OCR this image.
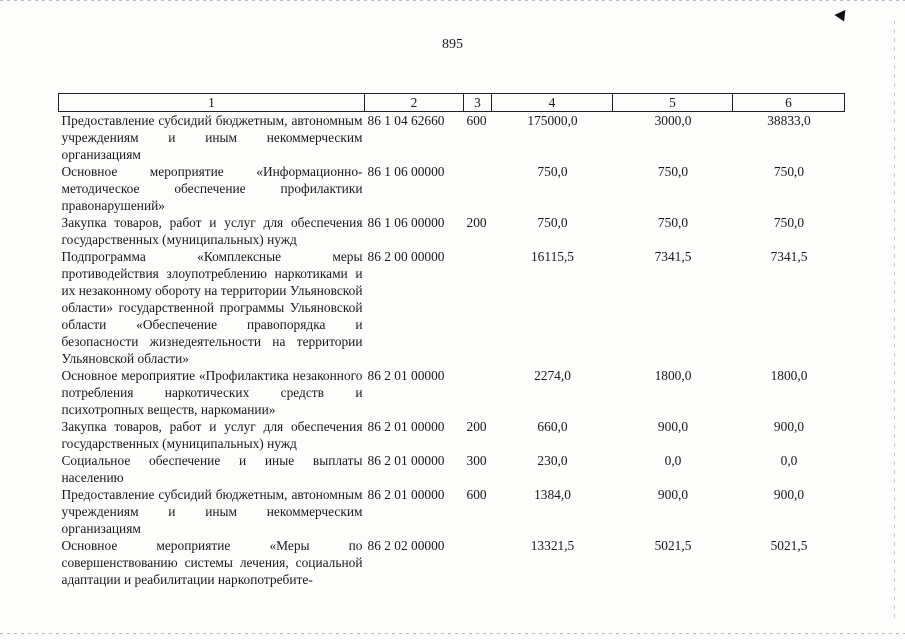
895
1	2	3	4	5	6
Предоставление субсидий бюджетным, автономным учреждениям и иным некоммерческим организациям	86 1 04 62660	600	175000,0	3000,0	38833,0
Основное мероприятие «Информационно-методическое обеспечение профилактики правонарушений»	86 1 06 00000		750,0	750,0	750,0
Закупка товаров, работ и услуг для обеспечения государственных (муниципальных) нужд	86 1 06 00000	200	750,0	750,0	750,0
Подпрограмма «Комплексные меры противодействия злоупотреблению наркотиками и их незаконному обороту на территории Ульяновской области» государственной программы Ульяновской области «Обеспечение правопорядка и безопасности жизнедеятельности на территории Ульяновской области»	86 2 00 00000		16115,5	7341,5	7341,5
Основное мероприятие «Профилактика незаконного потребления наркотических средств и психотропных веществ, наркомании»	86 2 01 00000		2274,0	1800,0	1800,0
Закупка товаров, работ и услуг для обеспечения государственных (муниципальных) нужд	86 2 01 00000	200	660,0	900,0	900,0
Социальное обеспечение и иные выплаты населению	86 2 01 00000	300	230,0	0,0	0,0
Предоставление субсидий бюджетным, автономным учреждениям и иным некоммерческим организациям	86 2 01 00000	600	1384,0	900,0	900,0
Основное мероприятие «Меры по совершенствованию системы лечения, социальной адаптации и реабилитации наркопотребите-	86 2 02 00000		13321,5	5021,5	5021,5
